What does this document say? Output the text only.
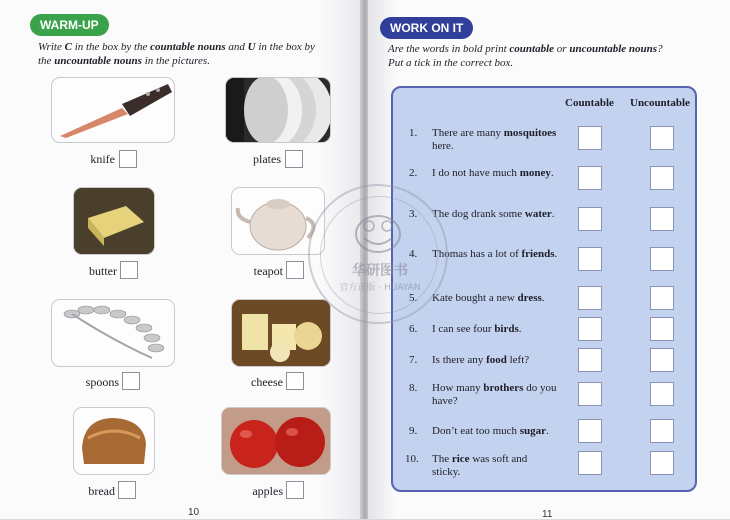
WARM-UP
Write C in the box by the countable nouns and U in the box by
the uncountable nouns in the pictures.
knife	plates
butter	teapot
spoons	cheese
bread	apples
10
WORK ON IT
Are the words in bold print countable or uncountable nouns?
Put a tick in the correct box.
Countable Uncountable
1. There are many mosquitoes here.
2. I do not have much money.
3. The dog drank some water.
4. Thomas has a lot of friends.
5. Kate bought a new dress.
6. I can see four birds.
7. Is there any food left?
8. How many brothers do you have?
9. Don’t eat too much sugar.
10. The rice was soft and sticky.
11
华研图书
官方正版 · HUAYAN
